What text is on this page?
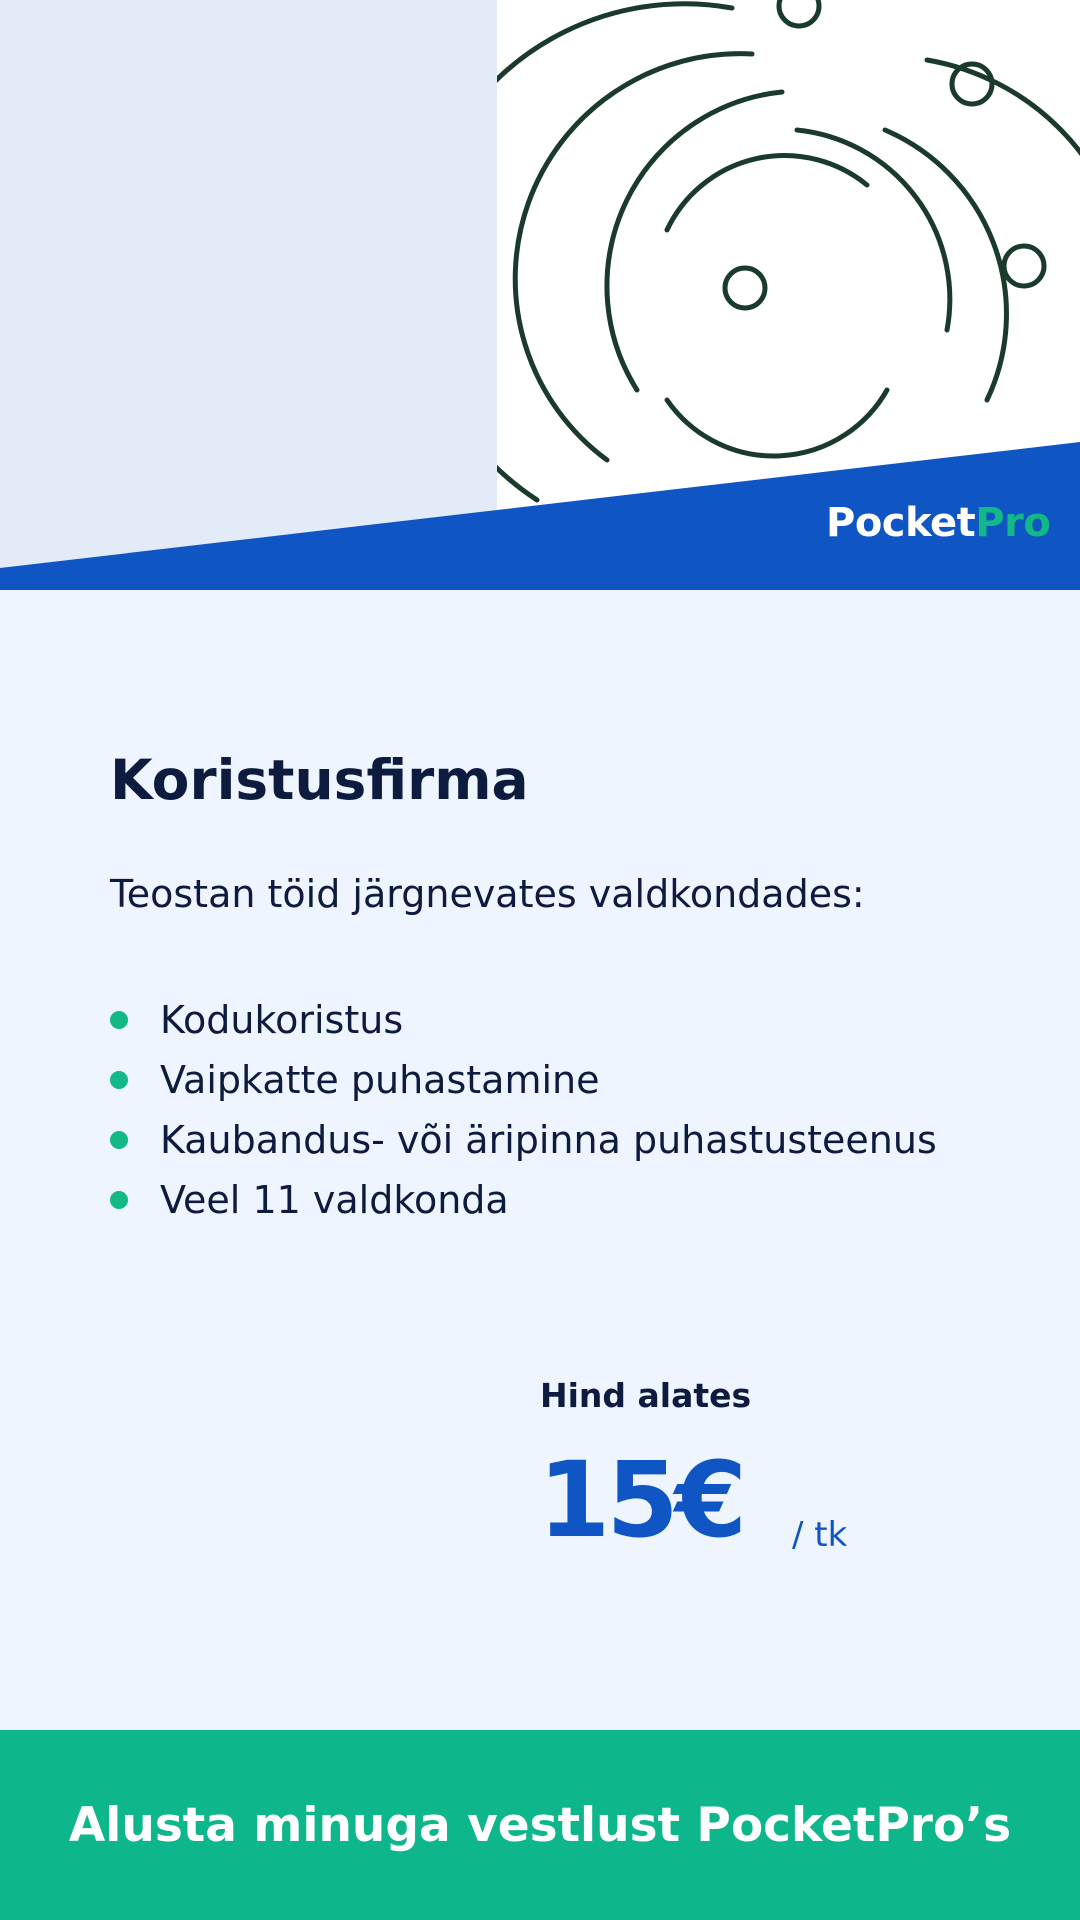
PocketPro
Koristusfirma

Teostan töid järgnevates valdkondades:

Kodukoristus
Vaipkatte puhastamine
Kaubandus- või äripinna puhastusteenus
Veel 11 valdkonda
Hind alates
15€ / tk
Alusta minuga vestlust PocketPro’s
